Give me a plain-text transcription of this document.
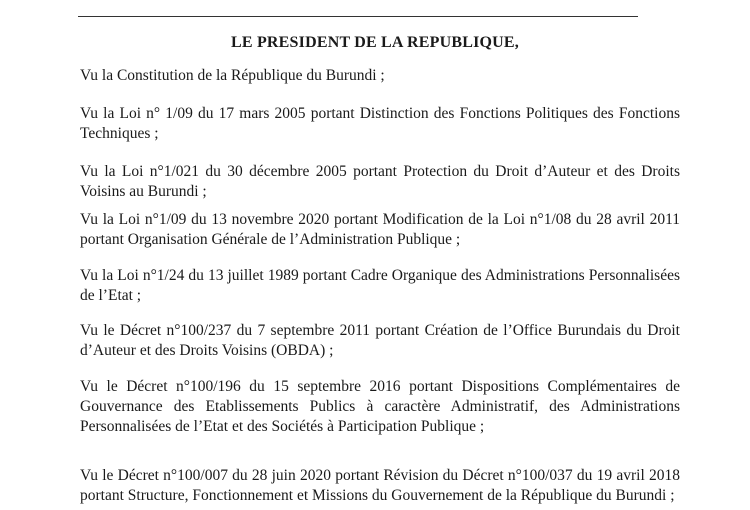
LE PRESIDENT DE LA REPUBLIQUE,
Vu la Constitution de la République du Burundi ;
Vu la Loi n° 1/09 du 17 mars 2005 portant Distinction des Fonctions Politiques des Fonctions Techniques ;
Vu la Loi n°1/021 du 30 décembre 2005 portant Protection du Droit d’Auteur et des Droits Voisins au Burundi ;
Vu la Loi n°1/09 du 13 novembre 2020 portant Modification de la Loi n°1/08 du 28 avril 2011 portant Organisation Générale de l’Administration Publique ;
Vu la Loi n°1/24 du 13 juillet 1989 portant Cadre Organique des Administrations Personnalisées de l’Etat ;
Vu le Décret n°100/237 du 7 septembre 2011 portant Création de l’Office Burundais du Droit d’Auteur et des Droits Voisins (OBDA) ;
Vu le Décret n°100/196 du 15 septembre 2016 portant Dispositions Complémentaires de Gouvernance des Etablissements Publics à caractère Administratif, des Administrations Personnalisées de l’Etat et des Sociétés à Participation Publique ;
Vu le Décret n°100/007 du 28 juin 2020 portant Révision du Décret n°100/037 du 19 avril 2018 portant Structure, Fonctionnement et Missions du Gouvernement de la République du Burundi ;
